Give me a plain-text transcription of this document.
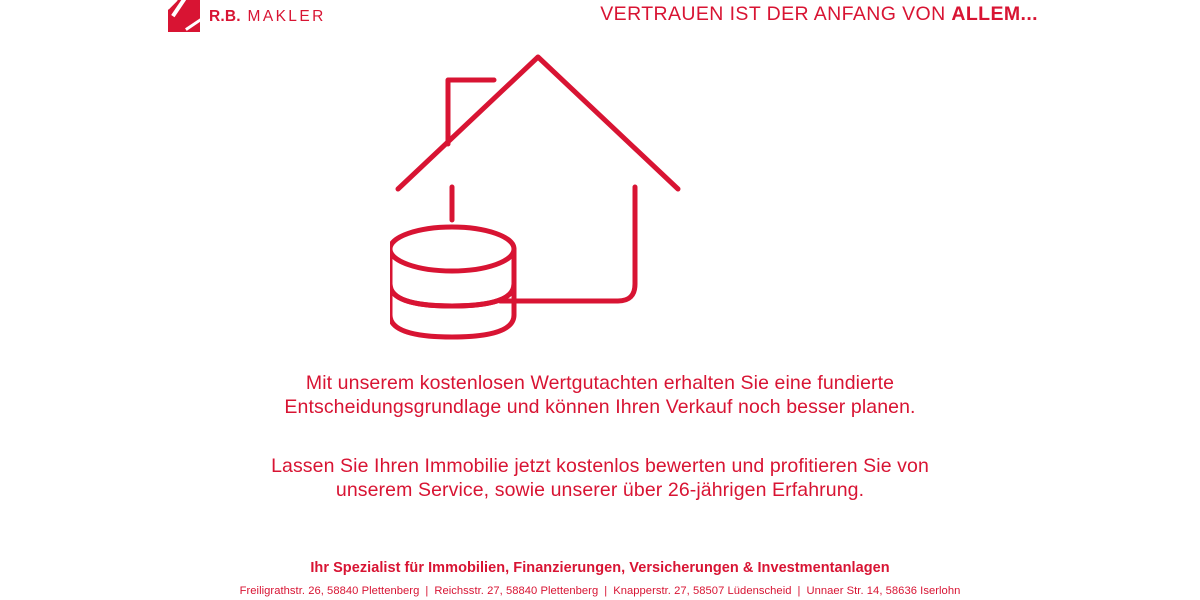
R.B. MAKLER	VERTRAUEN IST DER ANFANG VON ALLEM...

Mit unserem kostenlosen Wertgutachten erhalten Sie eine fundierte
Entscheidungsgrundlage und können Ihren Verkauf noch besser planen.

Lassen Sie Ihren Immobilie jetzt kostenlos bewerten und profitieren Sie von
unserem Service, sowie unserer über 26-jährigen Erfahrung.

Ihr Spezialist für Immobilien, Finanzierungen, Versicherungen & Investmentanlagen
Freiligrathstr. 26, 58840 Plettenberg | Reichsstr. 27, 58840 Plettenberg | Knapperstr. 27, 58507 Lüdenscheid | Unnaer Str. 14, 58636 Iserlohn
